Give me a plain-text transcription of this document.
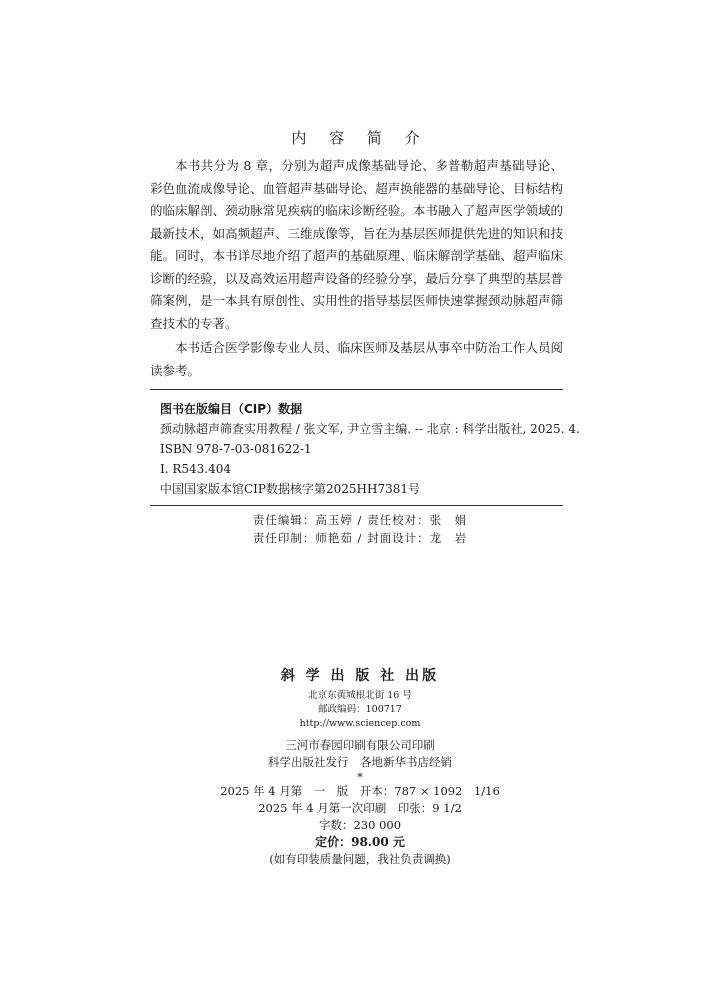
内 容 简 介

本书共分为 8 章，分别为超声成像基础导论、多普勒超声基础导论、彩色血流成像导论、血管超声基础导论、超声换能器的基础导论、目标结构的临床解剖、颈动脉常见疾病的临床诊断经验。本书融入了超声医学领域的最新技术，如高频超声、三维成像等，旨在为基层医师提供先进的知识和技能。同时，本书详尽地介绍了超声的基础原理、临床解剖学基础、超声临床诊断的经验，以及高效运用超声设备的经验分享，最后分享了典型的基层普筛案例，是一本具有原创性、实用性的指导基层医师快速掌握颈动脉超声筛查技术的专著。

本书适合医学影像专业人员、临床医师及基层从事卒中防治工作人员阅读参考。

图书在版编目（CIP）数据
颈动脉超声筛查实用教程 / 张文军, 尹立雪主编. -- 北京 : 科学出版社, 2025. 4.
ISBN 978-7-03-081622-1
Ⅰ. R543.404
中国国家版本馆CIP数据核字第2025HH7381号
责任编辑：高玉婷 / 责任校对：张　娟
责任印制：师艳茹 / 封面设计：龙　岩
斜 学 出 版 社 出版
北京东黄城根北街 16 号
邮政编码：100717
http://www.sciencep.com
三河市春园印刷有限公司印刷
科学出版社发行　各地新华书店经销
*
2025 年 4 月第　一　版　开本：787 × 1092　1/16
2025 年 4 月第一次印刷　印张：9 1/2
字数：230 000
定价：98.00 元
(如有印装质量问题，我社负责调换)
